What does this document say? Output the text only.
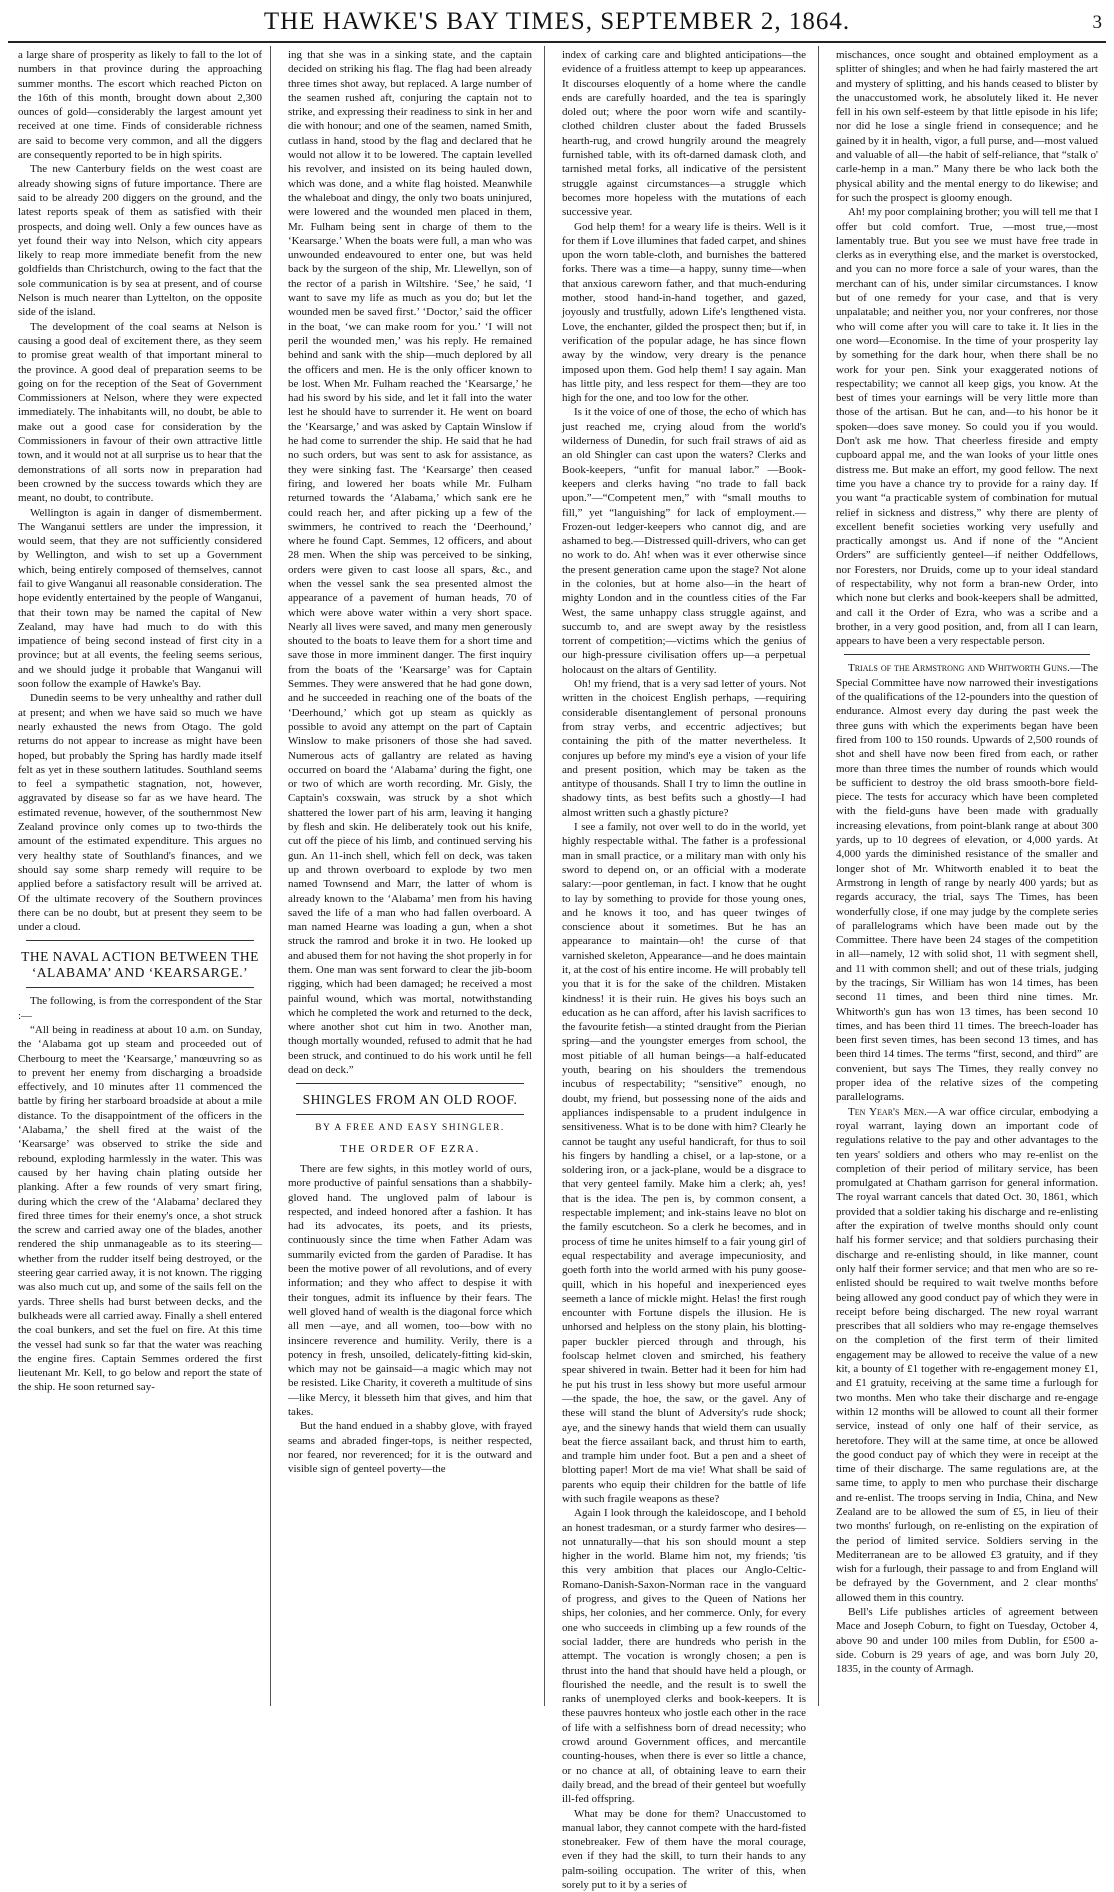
THE HAWKE'S BAY TIMES, SEPTEMBER 2, 1864.	3

a large share of prosperity as likely to fall to the lot of numbers in that province during the approaching summer months. The escort which reached Picton on the 16th of this month, brought down about 2,300 ounces of gold—considerably the largest amount yet received at one time. Finds of considerable richness are said to become very common, and all the diggers are consequently reported to be in high spirits.

The new Canterbury fields on the west coast are already showing signs of future importance. There are said to be already 200 diggers on the ground, and the latest reports speak of them as satisfied with their prospects, and doing well. Only a few ounces have as yet found their way into Nelson, which city appears likely to reap more immediate benefit from the new goldfields than Christchurch, owing to the fact that the sole communication is by sea at present, and of course Nelson is much nearer than Lyttelton, on the opposite side of the island.

The development of the coal seams at Nelson is causing a good deal of excitement there, as they seem to promise great wealth of that important mineral to the province. A good deal of preparation seems to be going on for the reception of the Seat of Government Commissioners at Nelson, where they were expected immediately. The inhabitants will, no doubt, be able to make out a good case for consideration by the Commissioners in favour of their own attractive little town, and it would not at all surprise us to hear that the demonstrations of all sorts now in preparation had been crowned by the success towards which they are meant, no doubt, to contribute.

Wellington is again in danger of dismemberment. The Wanganui settlers are under the impression, it would seem, that they are not sufficiently considered by Wellington, and wish to set up a Government which, being entirely composed of themselves, cannot fail to give Wanganui all reasonable consideration. The hope evidently entertained by the people of Wanganui, that their town may be named the capital of New Zealand, may have had much to do with this impatience of being second instead of first city in a province; but at all events, the feeling seems serious, and we should judge it probable that Wanganui will soon follow the example of Hawke's Bay.

Dunedin seems to be very unhealthy and rather dull at present; and when we have said so much we have nearly exhausted the news from Otago. The gold returns do not appear to increase as might have been hoped, but probably the Spring has hardly made itself felt as yet in these southern latitudes. Southland seems to feel a sympathetic stagnation, not, however, aggravated by disease so far as we have heard. The estimated revenue, however, of the southernmost New Zealand province only comes up to two-thirds the amount of the estimated expenditure. This argues no very healthy state of Southland's finances, and we should say some sharp remedy will require to be applied before a satisfactory result will be arrived at. Of the ultimate recovery of the Southern provinces there can be no doubt, but at present they seem to be under a cloud.

THE NAVAL ACTION BETWEEN THE ‘ALABAMA’ AND ‘KEARSARGE.’

The following, is from the correspondent of the Star :—

“All being in readiness at about 10 a.m. on Sunday, the ‘Alabama got up steam and proceeded out of Cherbourg to meet the ‘Kearsarge,’ manœuvring so as to prevent her enemy from discharging a broadside effectively, and 10 minutes after 11 commenced the battle by firing her starboard broadside at about a mile distance. To the disappointment of the officers in the ‘Alabama,’ the shell fired at the waist of the ‘Kearsarge’ was observed to strike the side and rebound, exploding harmlessly in the water. This was caused by her having chain plating outside her planking. After a few rounds of very smart firing, during which the crew of the ‘Alabama’ declared they fired three times for their enemy's once, a shot struck the screw and carried away one of the blades, another rendered the ship unmanageable as to its steering—whether from the rudder itself being destroyed, or the steering gear carried away, it is not known. The rigging was also much cut up, and some of the sails fell on the yards. Three shells had burst between decks, and the bulkheads were all carried away. Finally a shell entered the coal bunkers, and set the fuel on fire. At this time the vessel had sunk so far that the water was reaching the engine fires. Captain Semmes ordered the first lieutenant Mr. Kell, to go below and report the state of the ship. He soon returned say-

ing that she was in a sinking state, and the captain decided on striking his flag. The flag had been already three times shot away, but replaced. A large number of the seamen rushed aft, conjuring the captain not to strike, and expressing their readiness to sink in her and die with honour; and one of the seamen, named Smith, cutlass in hand, stood by the flag and declared that he would not allow it to be lowered. The captain levelled his revolver, and insisted on its being hauled down, which was done, and a white flag hoisted. Meanwhile the whaleboat and dingy, the only two boats uninjured, were lowered and the wounded men placed in them, Mr. Fulham being sent in charge of them to the ‘Kearsarge.’ When the boats were full, a man who was unwounded endeavoured to enter one, but was held back by the surgeon of the ship, Mr. Llewellyn, son of the rector of a parish in Wiltshire. ‘See,’ he said, ‘I want to save my life as much as you do; but let the wounded men be saved first.’ ‘Doctor,’ said the officer in the boat, ‘we can make room for you.’ ‘I will not peril the wounded men,’ was his reply. He remained behind and sank with the ship—much deplored by all the officers and men. He is the only officer known to be lost. When Mr. Fulham reached the ‘Kearsarge,’ he had his sword by his side, and let it fall into the water lest he should have to surrender it. He went on board the ‘Kearsarge,’ and was asked by Captain Winslow if he had come to surrender the ship. He said that he had no such orders, but was sent to ask for assistance, as they were sinking fast. The ‘Kearsarge’ then ceased firing, and lowered her boats while Mr. Fulham returned towards the ‘Alabama,’ which sank ere he could reach her, and after picking up a few of the swimmers, he contrived to reach the ‘Deerhound,’ where he found Capt. Semmes, 12 officers, and about 28 men. When the ship was perceived to be sinking, orders were given to cast loose all spars, &c., and when the vessel sank the sea presented almost the appearance of a pavement of human heads, 70 of which were above water within a very short space. Nearly all lives were saved, and many men generously shouted to the boats to leave them for a short time and save those in more imminent danger. The first inquiry from the boats of the ‘Kearsarge’ was for Captain Semmes. They were answered that he had gone down, and he succeeded in reaching one of the boats of the ‘Deerhound,’ which got up steam as quickly as possible to avoid any attempt on the part of Captain Winslow to make prisoners of those she had saved. Numerous acts of gallantry are related as having occurred on board the ‘Alabama’ during the fight, one or two of which are worth recording. Mr. Gisly, the Captain's coxswain, was struck by a shot which shattered the lower part of his arm, leaving it hanging by flesh and skin. He deliberately took out his knife, cut off the piece of his limb, and continued serving his gun. An 11-inch shell, which fell on deck, was taken up and thrown overboard to explode by two men named Townsend and Marr, the latter of whom is already known to the ‘Alabama’ men from his having saved the life of a man who had fallen overboard. A man named Hearne was loading a gun, when a shot struck the ramrod and broke it in two. He looked up and abused them for not having the shot properly in for them. One man was sent forward to clear the jib-boom rigging, which had been damaged; he received a most painful wound, which was mortal, notwithstanding which he completed the work and returned to the deck, where another shot cut him in two. Another man, though mortally wounded, refused to admit that he had been struck, and continued to do his work until he fell dead on deck.”

SHINGLES FROM AN OLD ROOF.
BY A FREE AND EASY SHINGLER.
THE ORDER OF EZRA.

There are few sights, in this motley world of ours, more productive of painful sensations than a shabbily-gloved hand. The ungloved palm of labour is respected, and indeed honored after a fashion. It has had its advocates, its poets, and its priests, continuously since the time when Father Adam was summarily evicted from the garden of Paradise. It has been the motive power of all revolutions, and of every information; and they who affect to despise it with their tongues, admit its influence by their fears. The well gloved hand of wealth is the diagonal force which all men —aye, and all women, too—bow with no insincere reverence and humility. Verily, there is a potency in fresh, unsoiled, delicately-fitting kid-skin, which may not be gainsaid—a magic which may not be resisted. Like Charity, it covereth a multitude of sins—like Mercy, it blesseth him that gives, and him that takes.

But the hand endued in a shabby glove, with frayed seams and abraded finger-tops, is neither respected, nor feared, nor reverenced; for it is the outward and visible sign of genteel poverty—the

index of carking care and blighted anticipations—the evidence of a fruitless attempt to keep up appearances. It discourses eloquently of a home where the candle ends are carefully hoarded, and the tea is sparingly doled out; where the poor worn wife and scantily-clothed children cluster about the faded Brussels hearth-rug, and crowd hungrily around the meagrely furnished table, with its oft-darned damask cloth, and tarnished metal forks, all indicative of the persistent struggle against circumstances—a struggle which becomes more hopeless with the mutations of each successive year.

God help them! for a weary life is theirs. Well is it for them if Love illumines that faded carpet, and shines upon the worn table-cloth, and burnishes the battered forks. There was a time—a happy, sunny time—when that anxious careworn father, and that much-enduring mother, stood hand-in-hand together, and gazed, joyously and trustfully, adown Life's lengthened vista. Love, the enchanter, gilded the prospect then; but if, in verification of the popular adage, he has since flown away by the window, very dreary is the penance imposed upon them. God help them! I say again. Man has little pity, and less respect for them—they are too high for the one, and too low for the other.

Is it the voice of one of those, the echo of which has just reached me, crying aloud from the world's wilderness of Dunedin, for such frail straws of aid as an old Shingler can cast upon the waters? Clerks and Book-keepers, “unfit for manual labor.” —Book-keepers and clerks having “no trade to fall back upon.”—“Competent men,” with “small mouths to fill,” yet “languishing” for lack of employment.—Frozen-out ledger-keepers who cannot dig, and are ashamed to beg.—Distressed quill-drivers, who can get no work to do. Ah! when was it ever otherwise since the present generation came upon the stage? Not alone in the colonies, but at home also—in the heart of mighty London and in the countless cities of the Far West, the same unhappy class struggle against, and succumb to, and are swept away by the resistless torrent of competition;—victims which the genius of our high-pressure civilisation offers up—a perpetual holocaust on the altars of Gentility.

Oh! my friend, that is a very sad letter of yours. Not written in the choicest English perhaps, —requiring considerable disentanglement of personal pronouns from stray verbs, and eccentric adjectives; but containing the pith of the matter nevertheless. It conjures up before my mind's eye a vision of your life and present position, which may be taken as the antitype of thousands. Shall I try to limn the outline in shadowy tints, as best befits such a ghostly—I had almost written such a ghastly picture?

I see a family, not over well to do in the world, yet highly respectable withal. The father is a professional man in small practice, or a military man with only his sword to depend on, or an official with a moderate salary:—poor gentleman, in fact. I know that he ought to lay by something to provide for those young ones, and he knows it too, and has queer twinges of conscience about it sometimes. But he has an appearance to maintain—oh! the curse of that varnished skeleton, Appearance—and he does maintain it, at the cost of his entire income. He will probably tell you that it is for the sake of the children. Mistaken kindness! it is their ruin. He gives his boys such an education as he can afford, after his lavish sacrifices to the favourite fetish—a stinted draught from the Pierian spring—and the youngster emerges from school, the most pitiable of all human beings—a half-educated youth, bearing on his shoulders the tremendous incubus of respectability; “sensitive” enough, no doubt, my friend, but possessing none of the aids and appliances indispensable to a prudent indulgence in sensitiveness. What is to be done with him? Clearly he cannot be taught any useful handicraft, for thus to soil his fingers by handling a chisel, or a lap-stone, or a soldering iron, or a jack-plane, would be a disgrace to that very genteel family. Make him a clerk; ah, yes! that is the idea. The pen is, by common consent, a respectable implement; and ink-stains leave no blot on the family escutcheon. So a clerk he becomes, and in process of time he unites himself to a fair young girl of equal respectability and average impecuniosity, and goeth forth into the world armed with his puny goose-quill, which in his hopeful and inexperienced eyes seemeth a lance of mickle might. Helas! the first rough encounter with Fortune dispels the illusion. He is unhorsed and helpless on the stony plain, his blotting-paper buckler pierced through and through, his foolscap helmet cloven and smirched, his feathery spear shivered in twain. Better had it been for him had he put his trust in less showy but more useful armour—the spade, the hoe, the saw, or the gavel. Any of these will stand the blunt of Adversity's rude shock; aye, and the sinewy hands that wield them can usually beat the fierce assailant back, and thrust him to earth, and trample him under foot. But a pen and a sheet of blotting paper! Mort de ma vie! What shall be said of parents who equip their children for the battle of life with such fragile weapons as these?

Again I look through the kaleidoscope, and I behold an honest tradesman, or a sturdy farmer who desires—not unnaturally—that his son should mount a step higher in the world. Blame him not, my friends; 'tis this very ambition that places our Anglo-Celtic-Romano-Danish-Saxon-Norman race in the vanguard of progress, and gives to the Queen of Nations her ships, her colonies, and her commerce. Only, for every one who succeeds in climbing up a few rounds of the social ladder, there are hundreds who perish in the attempt. The vocation is wrongly chosen; a pen is thrust into the hand that should have held a plough, or flourished the needle, and the result is to swell the ranks of unemployed clerks and book-keepers. It is these pauvres honteux who jostle each other in the race of life with a selfishness born of dread necessity; who crowd around Government offices, and mercantile counting-houses, when there is ever so little a chance, or no chance at all, of obtaining leave to earn their daily bread, and the bread of their genteel but woefully ill-fed offspring.

What may be done for them? Unaccustomed to manual labor, they cannot compete with the hard-fisted stonebreaker. Few of them have the moral courage, even if they had the skill, to turn their hands to any palm-soiling occupation. The writer of this, when sorely put to it by a series of

mischances, once sought and obtained employment as a splitter of shingles; and when he had fairly mastered the art and mystery of splitting, and his hands ceased to blister by the unaccustomed work, he absolutely liked it. He never fell in his own self-esteem by that little episode in his life; nor did he lose a single friend in consequence; and he gained by it in health, vigor, a full purse, and—most valued and valuable of all—the habit of self-reliance, that “stalk o' carle-hemp in a man.” Many there be who lack both the physical ability and the mental energy to do likewise; and for such the prospect is gloomy enough.

Ah! my poor complaining brother; you will tell me that I offer but cold comfort. True, —most true,—most lamentably true. But you see we must have free trade in clerks as in everything else, and the market is overstocked, and you can no more force a sale of your wares, than the merchant can of his, under similar circumstances. I know but of one remedy for your case, and that is very unpalatable; and neither you, nor your confreres, nor those who will come after you will care to take it. It lies in the one word—Economise. In the time of your prosperity lay by something for the dark hour, when there shall be no work for your pen. Sink your exaggerated notions of respectability; we cannot all keep gigs, you know. At the best of times your earnings will be very little more than those of the artisan. But he can, and—to his honor be it spoken—does save money. So could you if you would. Don't ask me how. That cheerless fireside and empty cupboard appal me, and the wan looks of your little ones distress me. But make an effort, my good fellow. The next time you have a chance try to provide for a rainy day. If you want “a practicable system of combination for mutual relief in sickness and distress,” why there are plenty of excellent benefit societies working very usefully and practically amongst us. And if none of the “Ancient Orders” are sufficiently genteel—if neither Oddfellows, nor Foresters, nor Druids, come up to your ideal standard of respectability, why not form a bran-new Order, into which none but clerks and book-keepers shall be admitted, and call it the Order of Ezra, who was a scribe and a brother, in a very good position, and, from all I can learn, appears to have been a very respectable person.

Trials of the Armstrong and Whitworth Guns.—The Special Committee have now narrowed their investigations of the qualifications of the 12-pounders into the question of endurance. Almost every day during the past week the three guns with which the experiments began have been fired from 100 to 150 rounds. Upwards of 2,500 rounds of shot and shell have now been fired from each, or rather more than three times the number of rounds which would be sufficient to destroy the old brass smooth-bore field-piece. The tests for accuracy which have been completed with the field-guns have been made with gradually increasing elevations, from point-blank range at about 300 yards, up to 10 degrees of elevation, or 4,000 yards. At 4,000 yards the diminished resistance of the smaller and longer shot of Mr. Whitworth enabled it to beat the Armstrong in length of range by nearly 400 yards; but as regards accuracy, the trial, says The Times, has been wonderfully close, if one may judge by the complete series of parallelograms which have been made out by the Committee. There have been 24 stages of the competition in all—namely, 12 with solid shot, 11 with segment shell, and 11 with common shell; and out of these trials, judging by the tracings, Sir William has won 14 times, has been second 11 times, and been third nine times. Mr. Whitworth's gun has won 13 times, has been second 10 times, and has been third 11 times. The breech-loader has been first seven times, has been second 13 times, and has been third 14 times. The terms “first, second, and third” are convenient, but says The Times, they really convey no proper idea of the relative sizes of the competing parallelograms.

Ten Year's Men.—A war office circular, embodying a royal warrant, laying down an important code of regulations relative to the pay and other advantages to the ten years' soldiers and others who may re-enlist on the completion of their period of military service, has been promulgated at Chatham garrison for general information. The royal warrant cancels that dated Oct. 30, 1861, which provided that a soldier taking his discharge and re-enlisting after the expiration of twelve months should only count half his former service; and that soldiers purchasing their discharge and re-enlisting should, in like manner, count only half their former service; and that men who are so re-enlisted should be required to wait twelve months before being allowed any good conduct pay of which they were in receipt before being discharged. The new royal warrant prescribes that all soldiers who may re-engage themselves on the completion of the first term of their limited engagement may be allowed to receive the value of a new kit, a bounty of £1 together with re-engagement money £1, and £1 gratuity, receiving at the same time a furlough for two months. Men who take their discharge and re-engage within 12 months will be allowed to count all their former service, instead of only one half of their service, as heretofore. They will at the same time, at once be allowed the good conduct pay of which they were in receipt at the time of their discharge. The same regulations are, at the same time, to apply to men who purchase their discharge and re-enlist. The troops serving in India, China, and New Zealand are to be allowed the sum of £5, in lieu of their two months' furlough, on re-enlisting on the expiration of the period of limited service. Soldiers serving in the Mediterranean are to be allowed £3 gratuity, and if they wish for a furlough, their passage to and from England will be defrayed by the Government, and 2 clear months' allowed them in this country.

Bell's Life publishes articles of agreement between Mace and Joseph Coburn, to fight on Tuesday, October 4, above 90 and under 100 miles from Dublin, for £500 a-side. Coburn is 29 years of age, and was born July 20, 1835, in the county of Armagh.
